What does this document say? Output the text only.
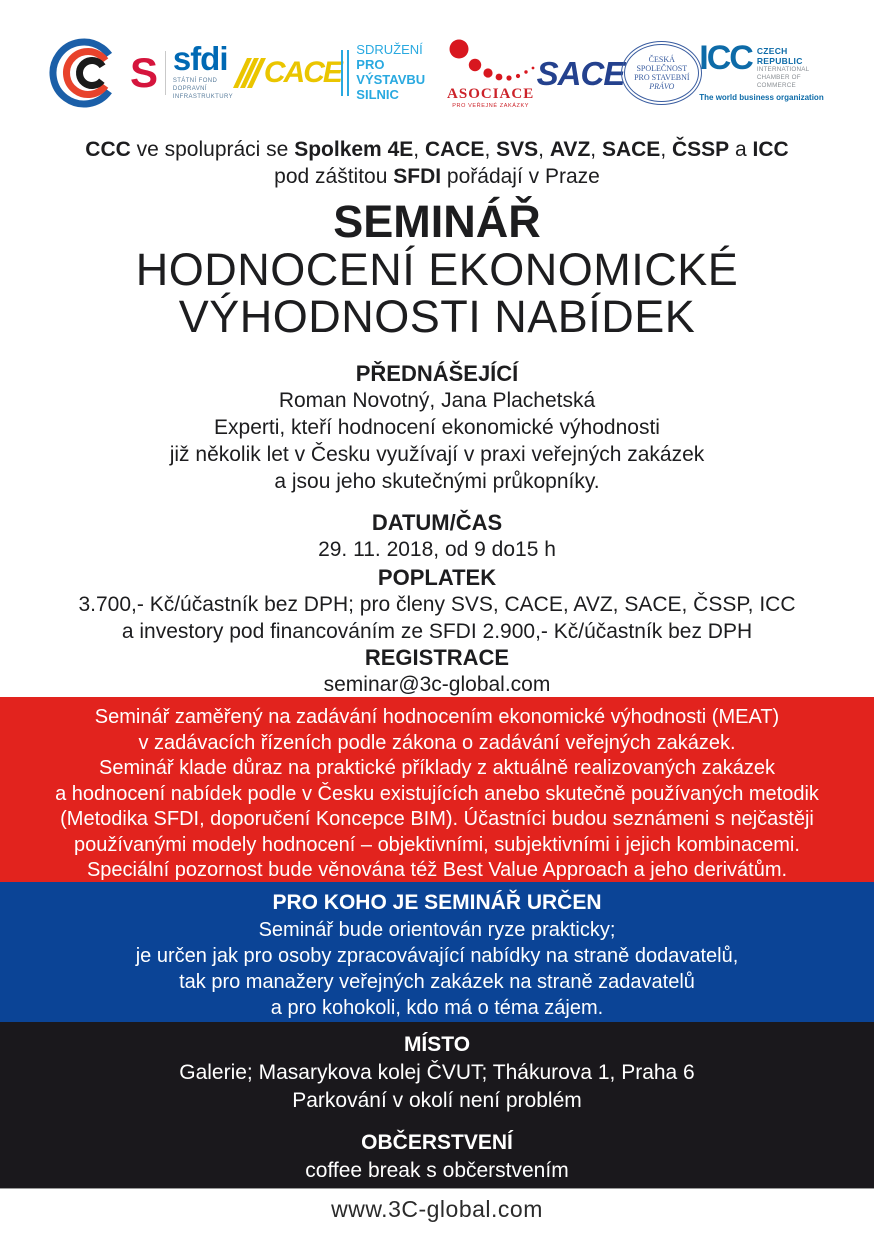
S sfdi
STÁTNÍ FOND DOPRAVNÍ
INFRASTRUKTURY
CACE
SDRUŽENÍ
PRO VÝSTAVBU
SILNIC	ASOCIACE
PRO VEŘEJNÉ ZAKÁZKY
SACE	ČESKÁ
SPOLEČNOST
PRO STAVEBNÍ
PRÁVO
ICC CZECH REPUBLIC
INTERNATIONAL
CHAMBER OF COMMERCE
The world business organization
CCC ve spolupráci se Spolkem 4E, CACE, SVS, AVZ, SACE, ČSSP a ICC
pod záštitou SFDI pořádají v Praze
SEMINÁŘ
HODNOCENÍ EKONOMICKÉ
VÝHODNOSTI NABÍDEK
PŘEDNÁŠEJÍCÍ
Roman Novotný, Jana Plachetská
Experti, kteří hodnocení ekonomické výhodnosti
již několik let v Česku využívají v praxi veřejných zakázek
a jsou jeho skutečnými průkopníky.
DATUM/ČAS
29. 11. 2018, od 9 do15 h
POPLATEK
3.700,- Kč/účastník bez DPH; pro členy SVS, CACE, AVZ, SACE, ČSSP, ICC
a investory pod financováním ze SFDI 2.900,- Kč/účastník bez DPH
REGISTRACE
seminar@3c-global.com
Seminář zaměřený na zadávání hodnocením ekonomické výhodnosti (MEAT)
v zadávacích řízeních podle zákona o zadávání veřejných zakázek.
Seminář klade důraz na praktické příklady z aktuálně realizovaných zakázek
a hodnocení nabídek podle v Česku existujících anebo skutečně používaných metodik
(Metodika SFDI, doporučení Koncepce BIM). Účastníci budou seznámeni s nejčastěji
používanými modely hodnocení – objektivními, subjektivními i jejich kombinacemi.
Speciální pozornost bude věnována též Best Value Approach a jeho derivátům.
PRO KOHO JE SEMINÁŘ URČEN
Seminář bude orientován ryze prakticky;
je určen jak pro osoby zpracovávající nabídky na straně dodavatelů,
tak pro manažery veřejných zakázek na straně zadavatelů
a pro kohokoli, kdo má o téma zájem.
MÍSTO
Galerie; Masarykova kolej ČVUT; Thákurova 1, Praha 6
Parkování v okolí není problém
OBČERSTVENÍ
coffee break s občerstvením
www.3C-global.com
